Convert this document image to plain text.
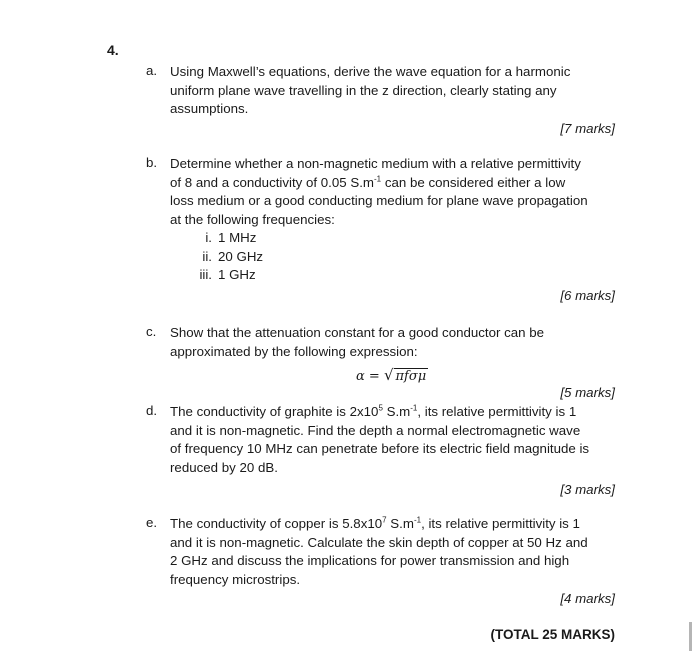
4.
a. Using Maxwell’s equations, derive the wave equation for a harmonic
uniform plane wave travelling in the z direction, clearly stating any
assumptions.
[7 marks]
b. Determine whether a non-magnetic medium with a relative permittivity
of 8 and a conductivity of 0.05 $S.m^{-1}$ can be considered either a low
loss medium or a good conducting medium for plane wave propagation
at the following frequencies:
i. 1 MHz
ii. 20 GHz
iii. 1 GHz
[6 marks]
c. Show that the attenuation constant for a good conductor can be
approximated by the following expression:
α = √ πfσμ
[5 marks]
d. The conductivity of graphite is $2x10^5$ $S.m^{-1}$, its relative permittivity is 1
and it is non-magnetic. Find the depth a normal electromagnetic wave
of frequency 10 MHz can penetrate before its electric field magnitude is
reduced by 20 dB.
[3 marks]
e. The conductivity of copper is $5.8x10^7$ $S.m^{-1}$, its relative permittivity is 1
and it is non-magnetic. Calculate the skin depth of copper at 50 Hz and
2 GHz and discuss the implications for power transmission and high
frequency microstrips.
[4 marks]
(TOTAL 25 MARKS)
